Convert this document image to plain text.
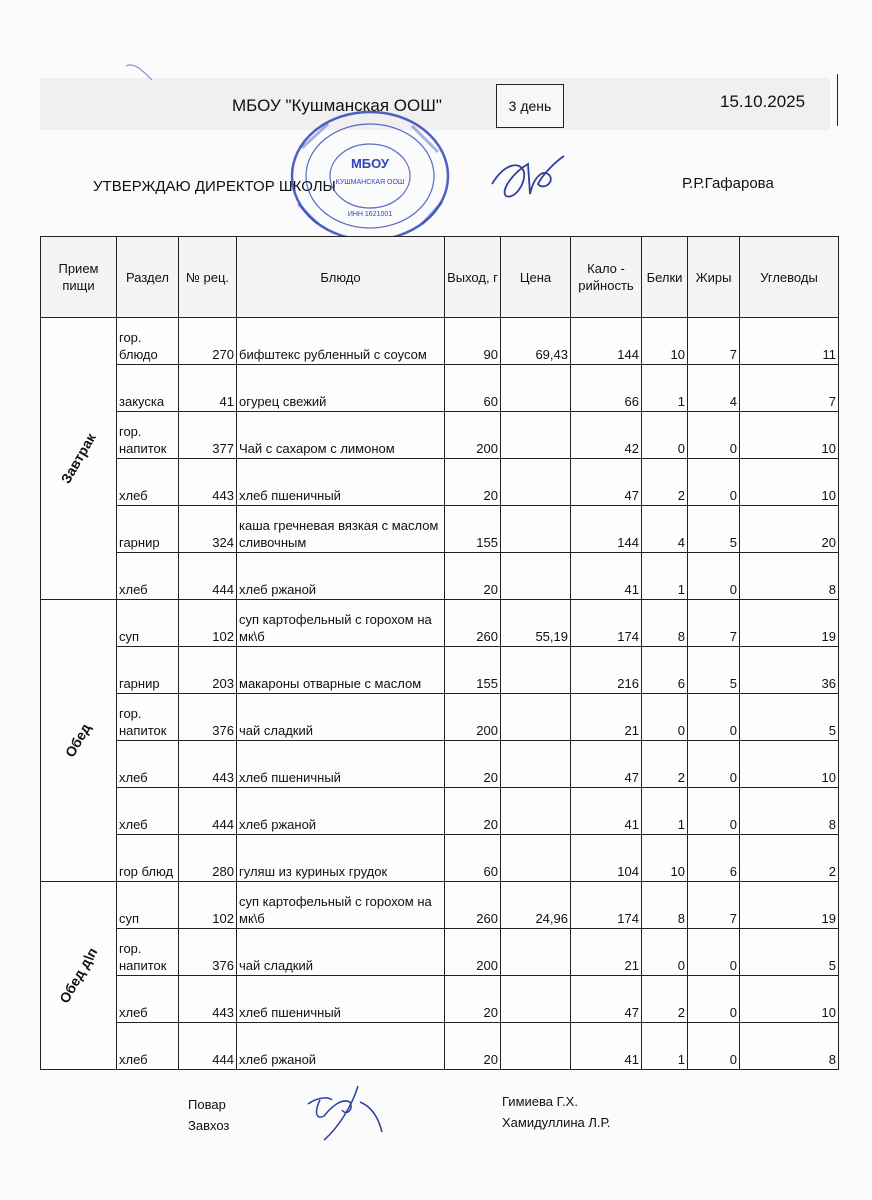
МБОУ "Кушманская ООШ"	3 день	15.10.2025
УТВЕРЖДАЮ ДИРЕКТОР ШКОЛЫ	Р.Р.Гафарова
МБОУ
КУШМАНСКАЯ ООШ
ИНН 1621001
Прием пищи	Раздел	№ рец.	Блюдо	Выход, г	Цена	Кало - рийность	Белки	Жиры	Углеводы
Завтрак	гор. блюдо	270	бифштекс рубленный с соусом	90	69,43	144	10	7	11
	закуска	41	огурец свежий	60		66	1	4	7
	гор. напиток	377	Чай с сахаром с лимоном	200		42	0	0	10
	хлеб	443	хлеб пшеничный	20		47	2	0	10
	гарнир	324	каша гречневая вязкая с маслом сливочным	155		144	4	5	20
	хлеб	444	хлеб ржаной	20		41	1	0	8
Обед	суп	102	суп картофельный с горохом на мк\б	260	55,19	174	8	7	19
	гарнир	203	макароны отварные с маслом	155		216	6	5	36
	гор. напиток	376	чай сладкий	200		21	0	0	5
	хлеб	443	хлеб пшеничный	20		47	2	0	10
	хлеб	444	хлеб ржаной	20		41	1	0	8
	гор блюд	280	гуляш из куриных грудок	60		104	10	6	2
Обед д\п	суп	102	суп картофельный с горохом на мк\б	260	24,96	174	8	7	19
	гор. напиток	376	чай сладкий	200		21	0	0	5
	хлеб	443	хлеб пшеничный	20		47	2	0	10
	хлеб	444	хлеб ржаной	20		41	1	0	8
Повар
Завхоз
Гимиева Г.Х.
Хамидуллина Л.Р.
